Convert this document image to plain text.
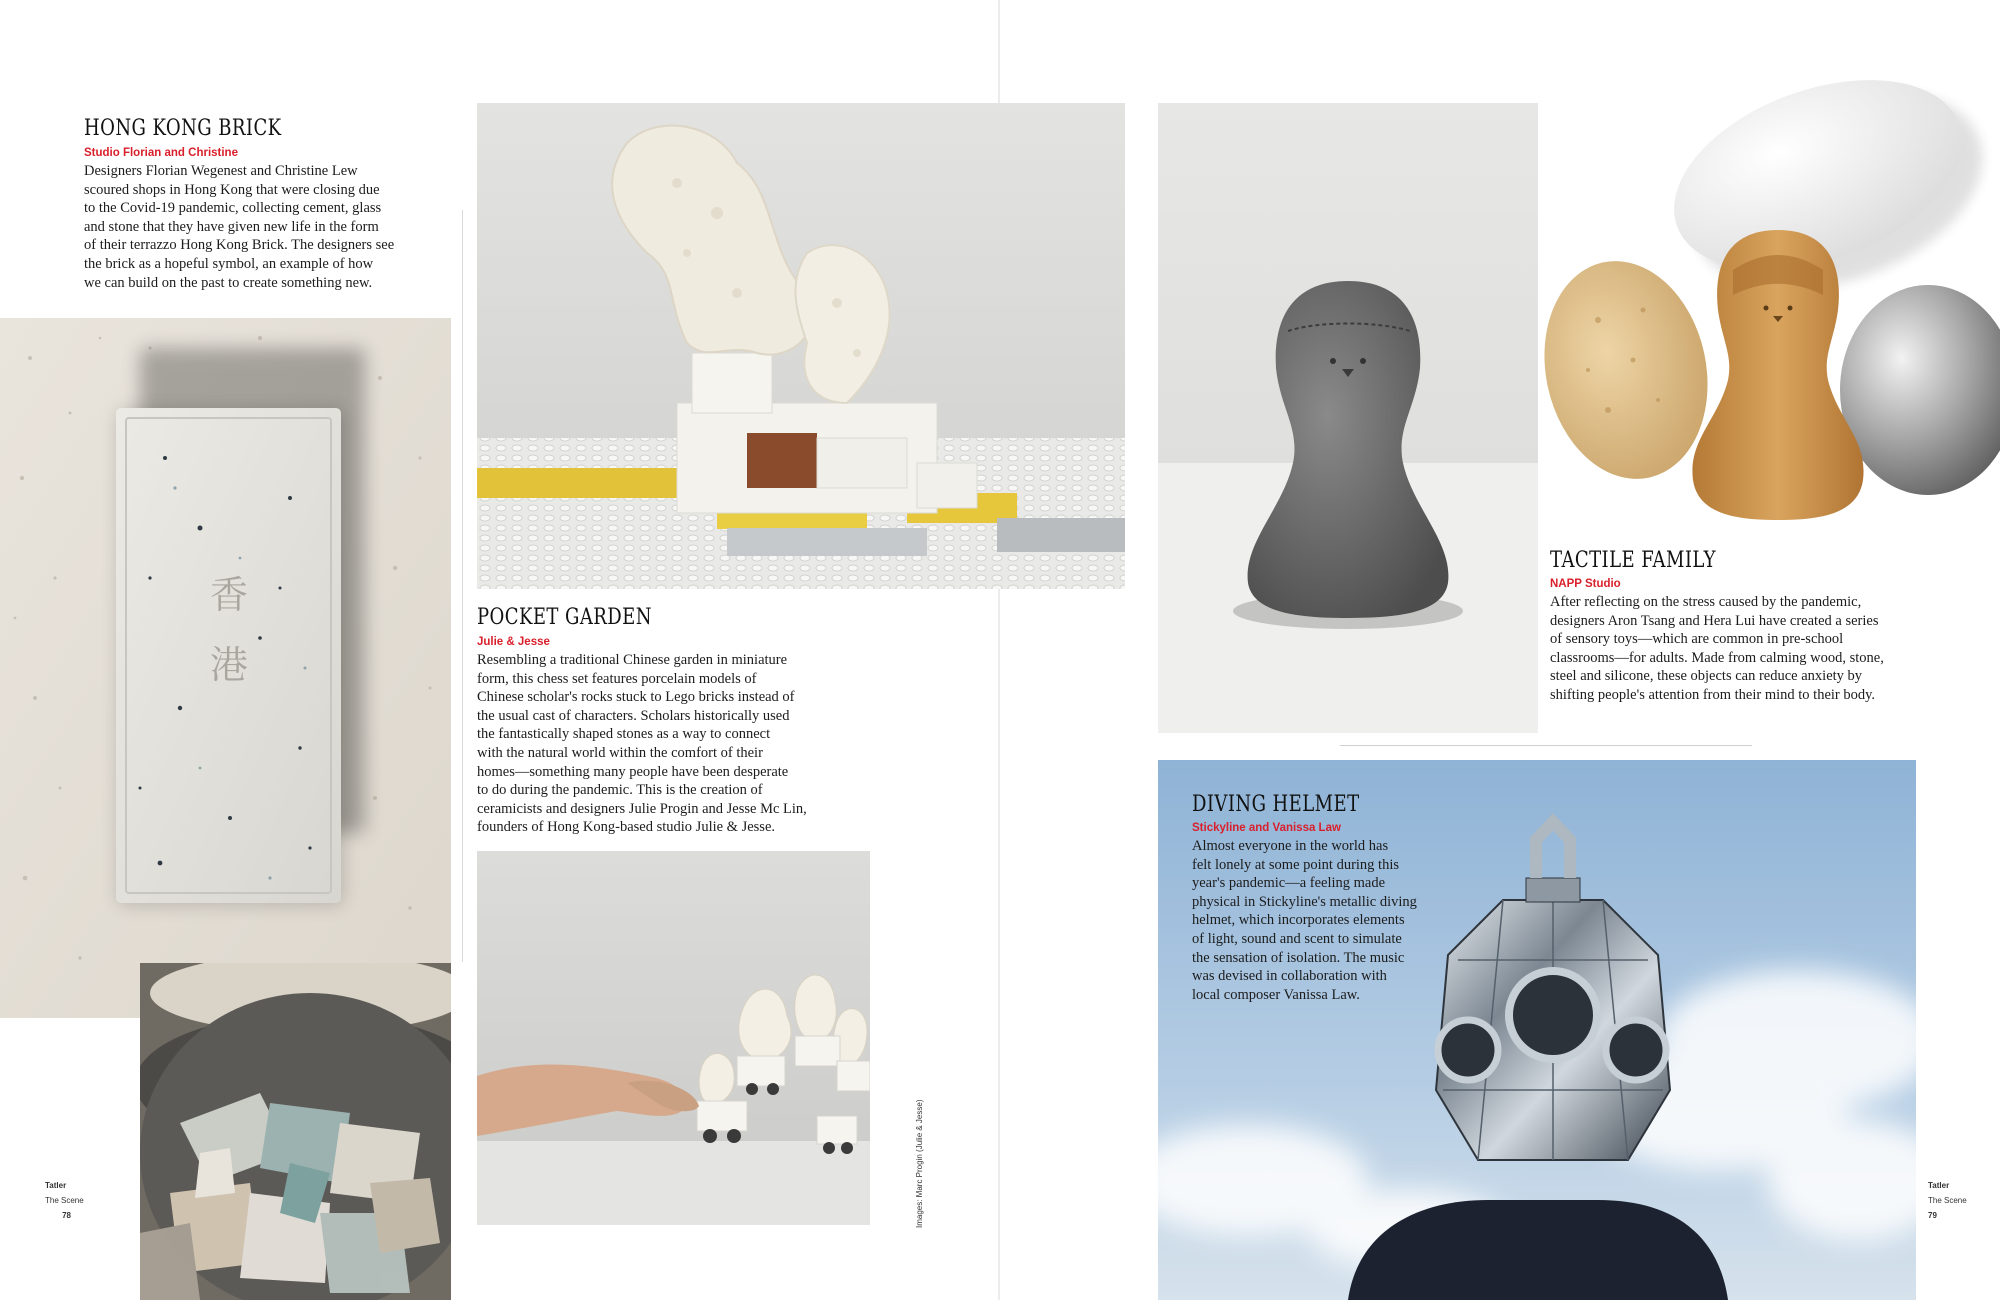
HONG KONG BRICK
Studio Florian and Christine
Designers Florian Wegenest and Christine Lew
scoured shops in Hong Kong that were closing due
to the Covid-19 pandemic, collecting cement, glass
and stone that they have given new life in the form
of their terrazzo Hong Kong Brick. The designers see
the brick as a hopeful symbol, an example of how
we can build on the past to create something new.
香
港
POCKET GARDEN
Julie & Jesse
Resembling a traditional Chinese garden in miniature
form, this chess set features porcelain models of
Chinese scholar's rocks stuck to Lego bricks instead of
the usual cast of characters. Scholars historically used
the fantastically shaped stones as a way to connect
with the natural world within the comfort of their
homes—something many people have been desperate
to do during the pandemic. This is the creation of
ceramicists and designers Julie Progin and Jesse Mc Lin,
founders of Hong Kong-based studio Julie & Jesse.
Images: Marc Progin (Julie & Jesse)
Tatler
The Scene
78
TACTILE FAMILY
NAPP Studio
After reflecting on the stress caused by the pandemic,
designers Aron Tsang and Hera Lui have created a series
of sensory toys—which are common in pre-school
classrooms—for adults. Made from calming wood, stone,
steel and silicone, these objects can reduce anxiety by
shifting people's attention from their mind to their body.
DIVING HELMET
Stickyline and Vanissa Law
Almost everyone in the world has
felt lonely at some point during this
year's pandemic—a feeling made
physical in Stickyline's metallic diving
helmet, which incorporates elements
of light, sound and scent to simulate
the sensation of isolation. The music
was devised in collaboration with
local composer Vanissa Law.
Tatler
The Scene
79
